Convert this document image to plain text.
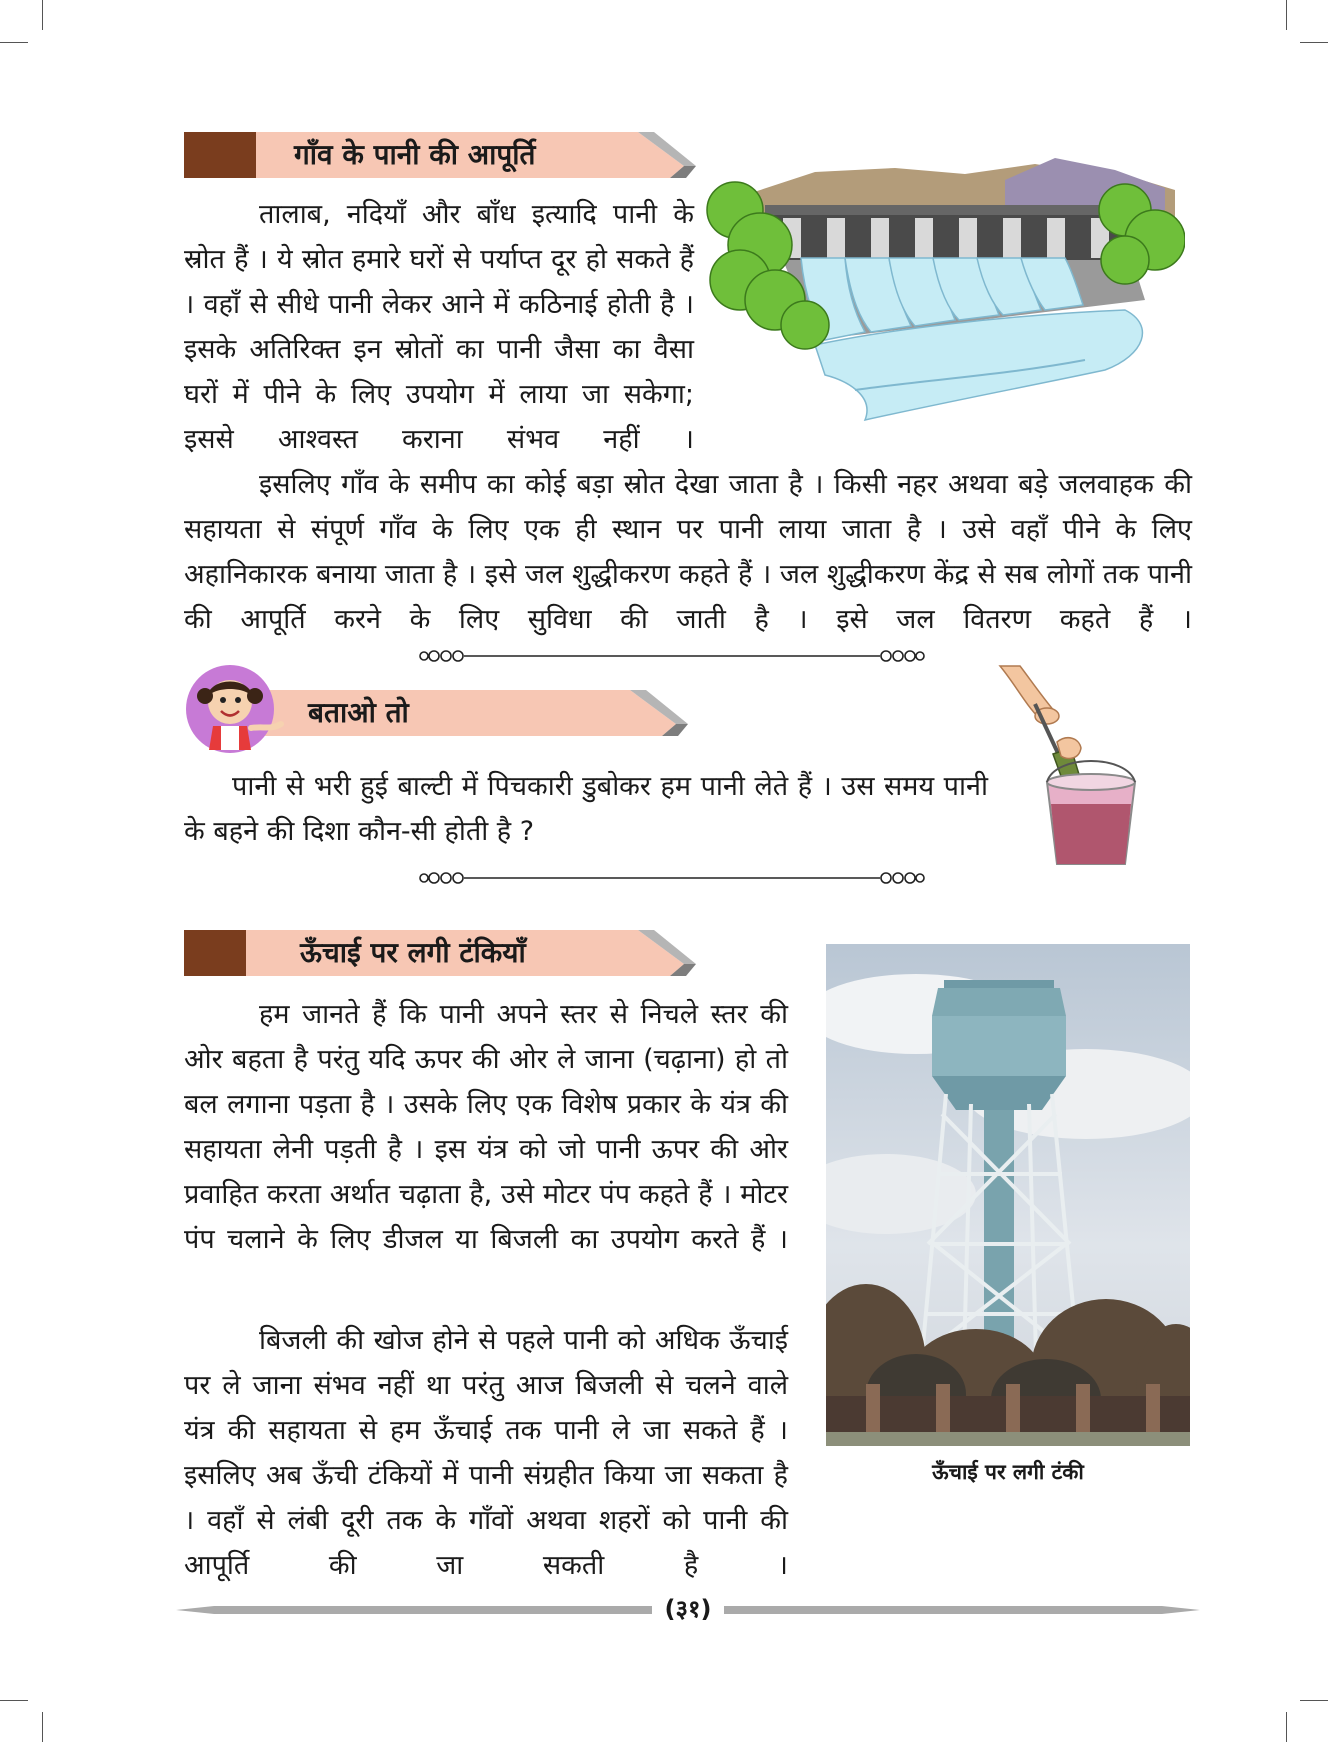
गाँव के पानी की आपूर्ति

तालाब, नदियाँ और बाँध इत्यादि पानी के स्रोत हैं । ये स्रोत हमारे घरों से पर्याप्त दूर हो सकते हैं । वहाँ से सीधे पानी लेकर आने में कठिनाई होती है । इसके अतिरिक्त इन स्रोतों का पानी जैसा का वैसा घरों में पीने के लिए उपयोग में लाया जा सकेगा; इससे आश्वस्त कराना संभव नहीं ।

इसलिए गाँव के समीप का कोई बड़ा स्रोत देखा जाता है । किसी नहर अथवा बड़े जलवाहक की सहायता से संपूर्ण गाँव के लिए एक ही स्थान पर पानी लाया जाता है । उसे वहाँ पीने के लिए अहानिकारक बनाया जाता है । इसे जल शुद्धीकरण कहते हैं । जल शुद्धीकरण केंद्र से सब लोगों तक पानी की आपूर्ति करने के लिए सुविधा की जाती है । इसे जल वितरण कहते हैं ।

बताओ तो

पानी से भरी हुई बाल्टी में पिचकारी डुबोकर हम पानी लेते हैं । उस समय पानी के बहने की दिशा कौन-सी होती है ?

ऊँचाई पर लगी टंकियाँ

हम जानते हैं कि पानी अपने स्तर से निचले स्तर की ओर बहता है परंतु यदि ऊपर की ओर ले जाना (चढ़ाना) हो तो बल लगाना पड़ता है । उसके लिए एक विशेष प्रकार के यंत्र की सहायता लेनी पड़ती है । इस यंत्र को जो पानी ऊपर की ओर प्रवाहित करता अर्थात चढ़ाता है, उसे मोटर पंप कहते हैं । मोटर पंप चलाने के लिए डीजल या बिजली का उपयोग करते हैं ।

बिजली की खोज होने से पहले पानी को अधिक ऊँचाई पर ले जाना संभव नहीं था परंतु आज बिजली से चलने वाले यंत्र की सहायता से हम ऊँचाई तक पानी ले जा सकते हैं । इसलिए अब ऊँची टंकियों में पानी संग्रहीत किया जा सकता है । वहाँ से लंबी दूरी तक के गाँवों अथवा शहरों को पानी की आपूर्ति की जा सकती है ।

ऊँचाई पर लगी टंकी
(३१)
